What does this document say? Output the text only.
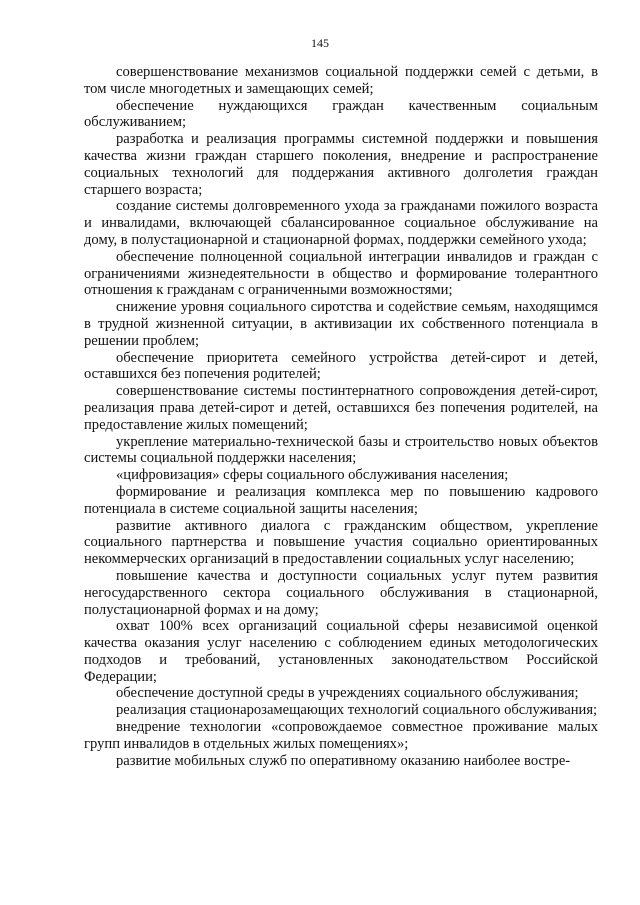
145

совершенствование механизмов социальной поддержки семей с детьми, в том числе многодетных и замещающих семей;

обеспечение нуждающихся граждан качественным социальным обслуживанием;

разработка и реализация программы системной поддержки и повышения качества жизни граждан старшего поколения, внедрение и распространение социальных технологий для поддержания активного долголетия граждан старшего возраста;

создание системы долговременного ухода за гражданами пожилого возраста и инвалидами, включающей сбалансированное социальное обслуживание на дому, в полустационарной и стационарной формах, поддержки семейного ухода;

обеспечение полноценной социальной интеграции инвалидов и граждан с ограничениями жизнедеятельности в общество и формирование толерантного отношения к гражданам с ограниченными возможностями;

снижение уровня социального сиротства и содействие семьям, находящимся в трудной жизненной ситуации, в активизации их собственного потенциала в решении проблем;

обеспечение приоритета семейного устройства детей-сирот и детей, оставшихся без попечения родителей;

совершенствование системы постинтернатного сопровождения детей-сирот, реализация права детей-сирот и детей, оставшихся без попечения родителей, на предоставление жилых помещений;

укрепление материально-технической базы и строительство новых объектов системы социальной поддержки населения;

«цифровизация» сферы социального обслуживания населения;

формирование и реализация комплекса мер по повышению кадрового потенциала в системе социальной защиты населения;

развитие активного диалога с гражданским обществом, укрепление социального партнерства и повышение участия социально ориентированных некоммерческих организаций в предоставлении социальных услуг населению;

повышение качества и доступности социальных услуг путем развития негосударственного сектора социального обслуживания в стационарной, полустационарной формах и на дому;

охват 100% всех организаций социальной сферы независимой оценкой качества оказания услуг населению с соблюдением единых методологических подходов и требований, установленных законодательством Российской Федерации;

обеспечение доступной среды в учреждениях социального обслуживания;

реализация стационарозамещающих технологий социального обслуживания;

внедрение технологии «сопровождаемое совместное проживание малых групп инвалидов в отдельных жилых помещениях»;

развитие мобильных служб по оперативному оказанию наиболее востре-
